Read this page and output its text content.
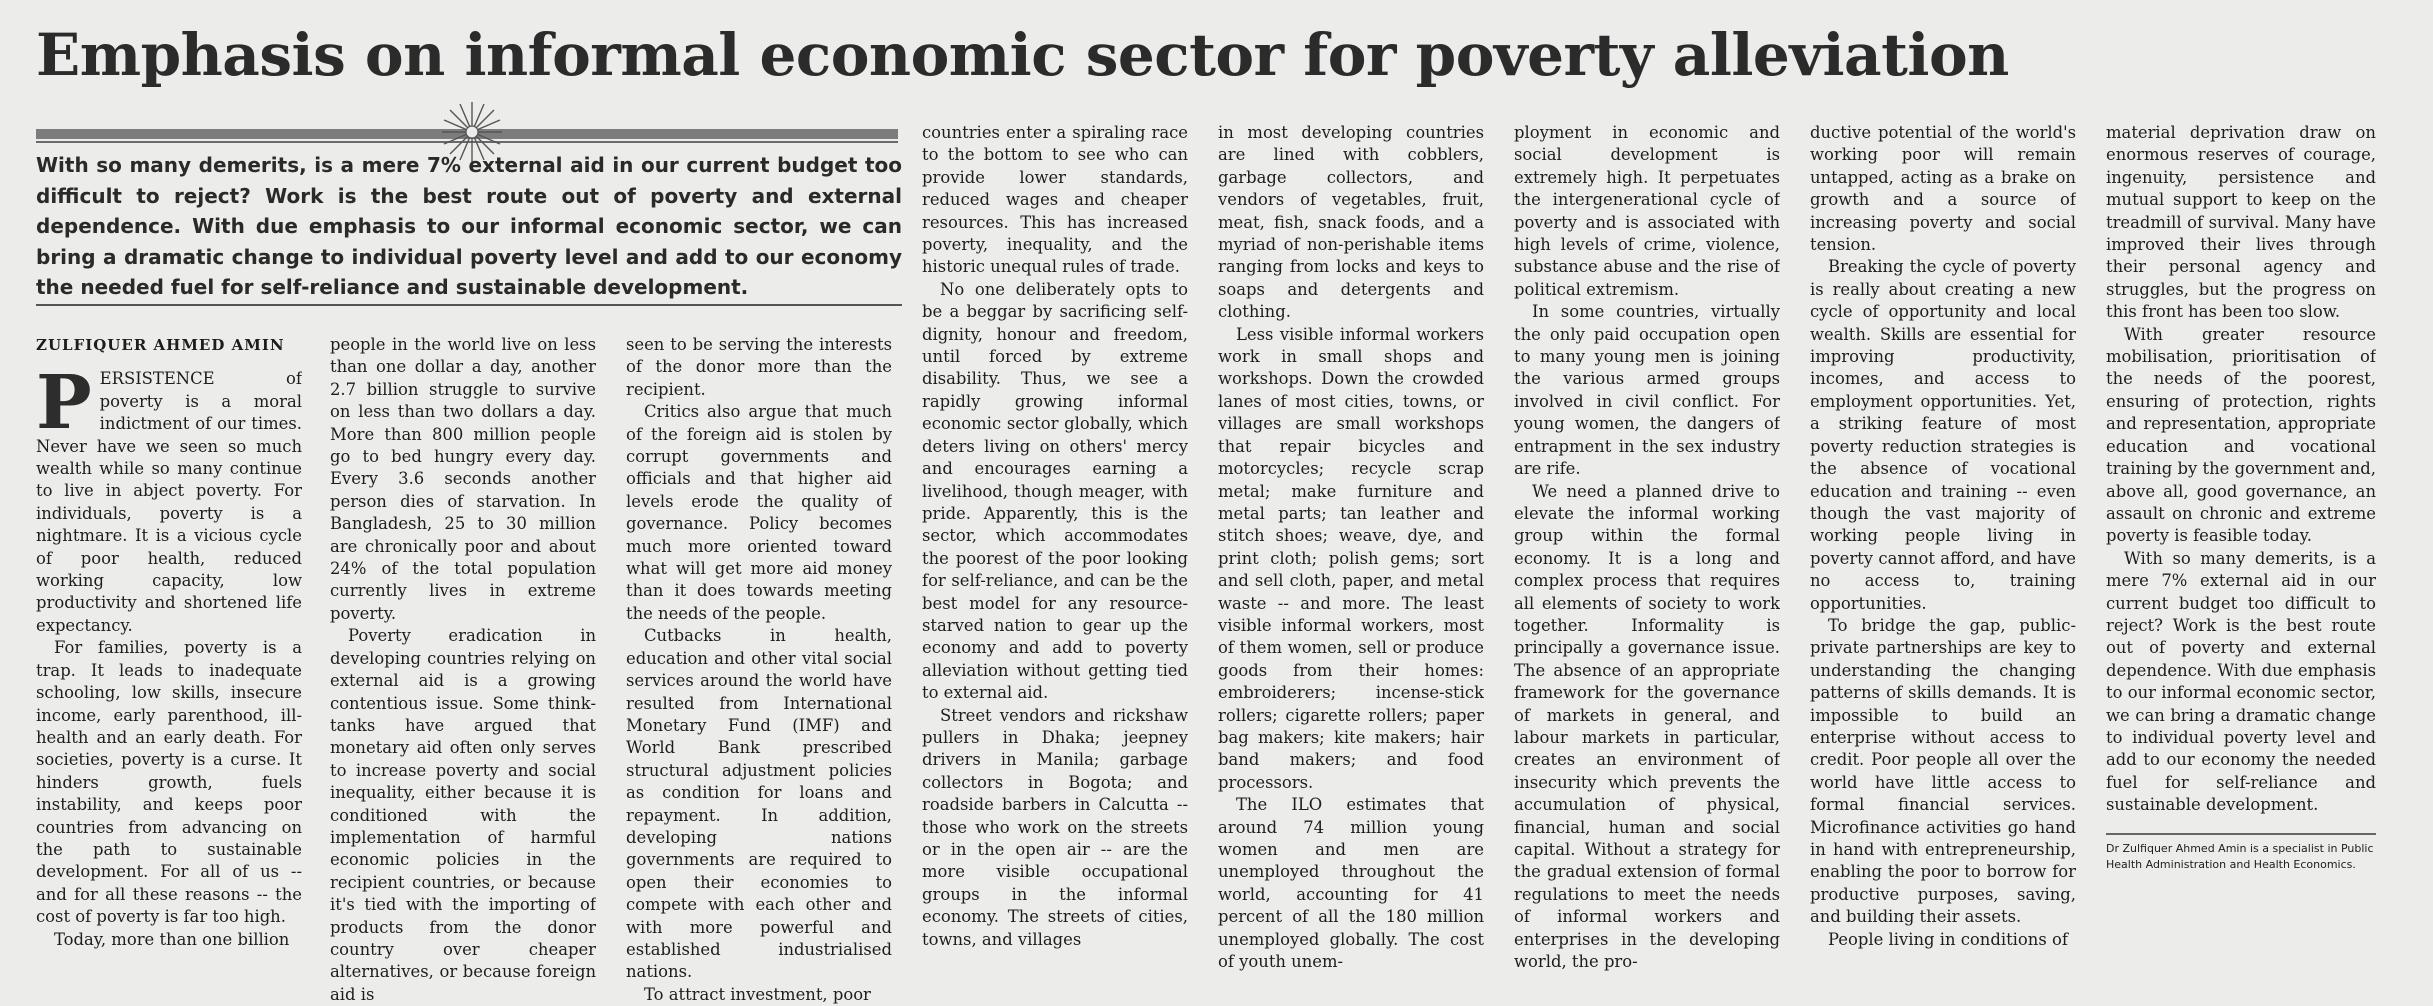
Emphasis on informal economic sector for poverty alleviation

With so many demerits, is a mere 7% external aid in our current budget too difficult to reject? Work is the best route out of poverty and external dependence. With due emphasis to our informal economic sector, we can bring a dramatic change to individual poverty level and add to our economy the needed fuel for self-reliance and sustainable development.

ZULFIQUER AHMED AMIN
P ERSISTENCE of poverty is a moral indictment of our times. Never have we seen so much wealth while so many continue to live in abject poverty. For individuals, poverty is a nightmare. It is a vicious cycle of poor health, reduced working capacity, low productivity and shortened life expectancy.

For families, poverty is a trap. It leads to inadequate schooling, low skills, insecure income, early parenthood, ill-health and an early death. For societies, poverty is a curse. It hinders growth, fuels instability, and keeps poor countries from advancing on the path to sustainable development. For all of us -- and for all these reasons -- the cost of poverty is far too high.

Today, more than one billion

people in the world live on less than one dollar a day, another 2.7 billion struggle to survive on less than two dollars a day. More than 800 million people go to bed hungry every day. Every 3.6 seconds another person dies of starvation. In Bangladesh, 25 to 30 million are chronically poor and about 24% of the total population currently lives in extreme poverty.

Poverty eradication in developing countries relying on external aid is a growing contentious issue. Some think-tanks have argued that monetary aid often only serves to increase poverty and social inequality, either because it is conditioned with the implementation of harmful economic policies in the recipient countries, or because it's tied with the importing of products from the donor country over cheaper alternatives, or because foreign aid is

seen to be serving the interests of the donor more than the recipient.

Critics also argue that much of the foreign aid is stolen by corrupt governments and officials and that higher aid levels erode the quality of governance. Policy becomes much more oriented toward what will get more aid money than it does towards meeting the needs of the people.

Cutbacks in health, education and other vital social services around the world have resulted from International Monetary Fund (IMF) and World Bank prescribed structural adjustment policies as condition for loans and repayment. In addition, developing nations governments are required to open their economies to compete with each other and with more powerful and established industrialised nations.

To attract investment, poor

countries enter a spiraling race to the bottom to see who can provide lower standards, reduced wages and cheaper resources. This has increased poverty, inequality, and the historic unequal rules of trade.

No one deliberately opts to be a beggar by sacrificing self-dignity, honour and freedom, until forced by extreme disability. Thus, we see a rapidly growing informal economic sector globally, which deters living on others' mercy and encourages earning a livelihood, though meager, with pride. Apparently, this is the sector, which accommodates the poorest of the poor looking for self-reliance, and can be the best model for any resource-starved nation to gear up the economy and add to poverty alleviation without getting tied to external aid.

Street vendors and rickshaw pullers in Dhaka; jeepney drivers in Manila; garbage collectors in Bogota; and roadside barbers in Calcutta -- those who work on the streets or in the open air -- are the more visible occupational groups in the informal economy. The streets of cities, towns, and villages

in most developing countries are lined with cobblers, garbage collectors, and vendors of vegetables, fruit, meat, fish, snack foods, and a myriad of non-perishable items ranging from locks and keys to soaps and detergents and clothing.

Less visible informal workers work in small shops and workshops. Down the crowded lanes of most cities, towns, or villages are small workshops that repair bicycles and motorcycles; recycle scrap metal; make furniture and metal parts; tan leather and stitch shoes; weave, dye, and print cloth; polish gems; sort and sell cloth, paper, and metal waste -- and more. The least visible informal workers, most of them women, sell or produce goods from their homes: embroiderers; incense-stick rollers; cigarette rollers; paper bag makers; kite makers; hair band makers; and food processors.

The ILO estimates that around 74 million young women and men are unemployed throughout the world, accounting for 41 percent of all the 180 million unemployed globally. The cost of youth unem-

ployment in economic and social development is extremely high. It perpetuates the intergenerational cycle of poverty and is associated with high levels of crime, violence, substance abuse and the rise of political extremism.

In some countries, virtually the only paid occupation open to many young men is joining the various armed groups involved in civil conflict. For young women, the dangers of entrapment in the sex industry are rife.

We need a planned drive to elevate the informal working group within the formal economy. It is a long and complex process that requires all elements of society to work together. Informality is principally a governance issue. The absence of an appropriate framework for the governance of markets in general, and labour markets in particular, creates an environment of insecurity which prevents the accumulation of physical, financial, human and social capital. Without a strategy for the gradual extension of formal regulations to meet the needs of informal workers and enterprises in the developing world, the pro-

ductive potential of the world's working poor will remain untapped, acting as a brake on growth and a source of increasing poverty and social tension.

Breaking the cycle of poverty is really about creating a new cycle of opportunity and local wealth. Skills are essential for improving productivity, incomes, and access to employment opportunities. Yet, a striking feature of most poverty reduction strategies is the absence of vocational education and training -- even though the vast majority of working people living in poverty cannot afford, and have no access to, training opportunities.

To bridge the gap, public-private partnerships are key to understanding the changing patterns of skills demands. It is impossible to build an enterprise without access to credit. Poor people all over the world have little access to formal financial services. Microfinance activities go hand in hand with entrepreneurship, enabling the poor to borrow for productive purposes, saving, and building their assets.

People living in conditions of

material deprivation draw on enormous reserves of courage, ingenuity, persistence and mutual support to keep on the treadmill of survival. Many have improved their lives through their personal agency and struggles, but the progress on this front has been too slow.

With greater resource mobilisation, prioritisation of the needs of the poorest, ensuring of protection, rights and representation, appropriate education and vocational training by the government and, above all, good governance, an assault on chronic and extreme poverty is feasible today.

With so many demerits, is a mere 7% external aid in our current budget too difficult to reject? Work is the best route out of poverty and external dependence. With due emphasis to our informal economic sector, we can bring a dramatic change to individual poverty level and add to our economy the needed fuel for self-reliance and sustainable development.

Dr Zulfiquer Ahmed Amin is a specialist in Public Health Administration and Health Economics.
